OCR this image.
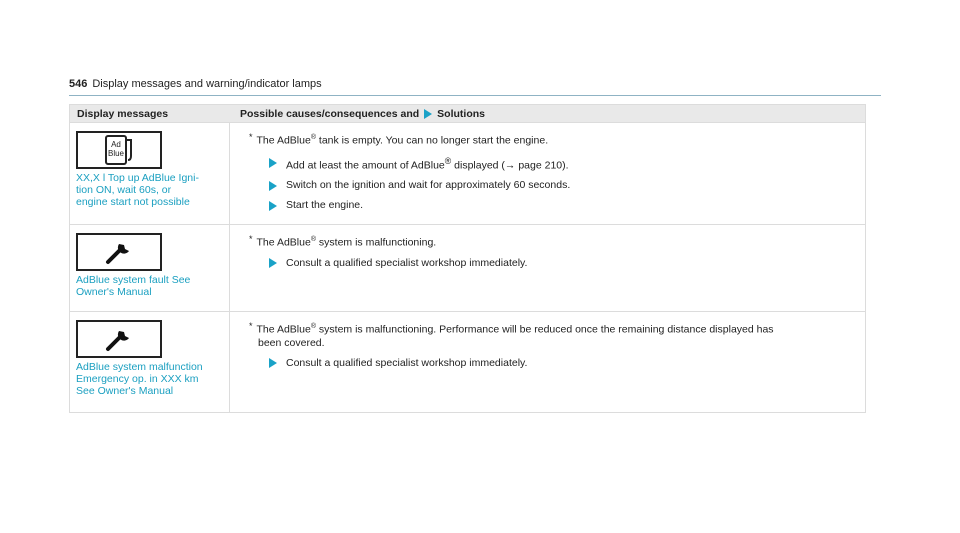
546 Display messages and warning/indicator lamps
Display messages	Possible causes/consequences and Solutions
Ad
Blue
XX,X l Top up AdBlue Igni-
tion ON, wait 60s, or
engine start not possible
* The AdBlue® tank is empty. You can no longer start the engine.
Add at least the amount of AdBlue® displayed (→ page 210).
Switch on the ignition and wait for approximately 60 seconds.
Start the engine.
AdBlue system fault See
Owner's Manual
* The AdBlue® system is malfunctioning.
Consult a qualified specialist workshop immediately.
AdBlue system malfunction
Emergency op. in XXX km
See Owner's Manual
* The AdBlue® system is malfunctioning. Performance will be reduced once the remaining distance displayed has
been covered.
Consult a qualified specialist workshop immediately.
